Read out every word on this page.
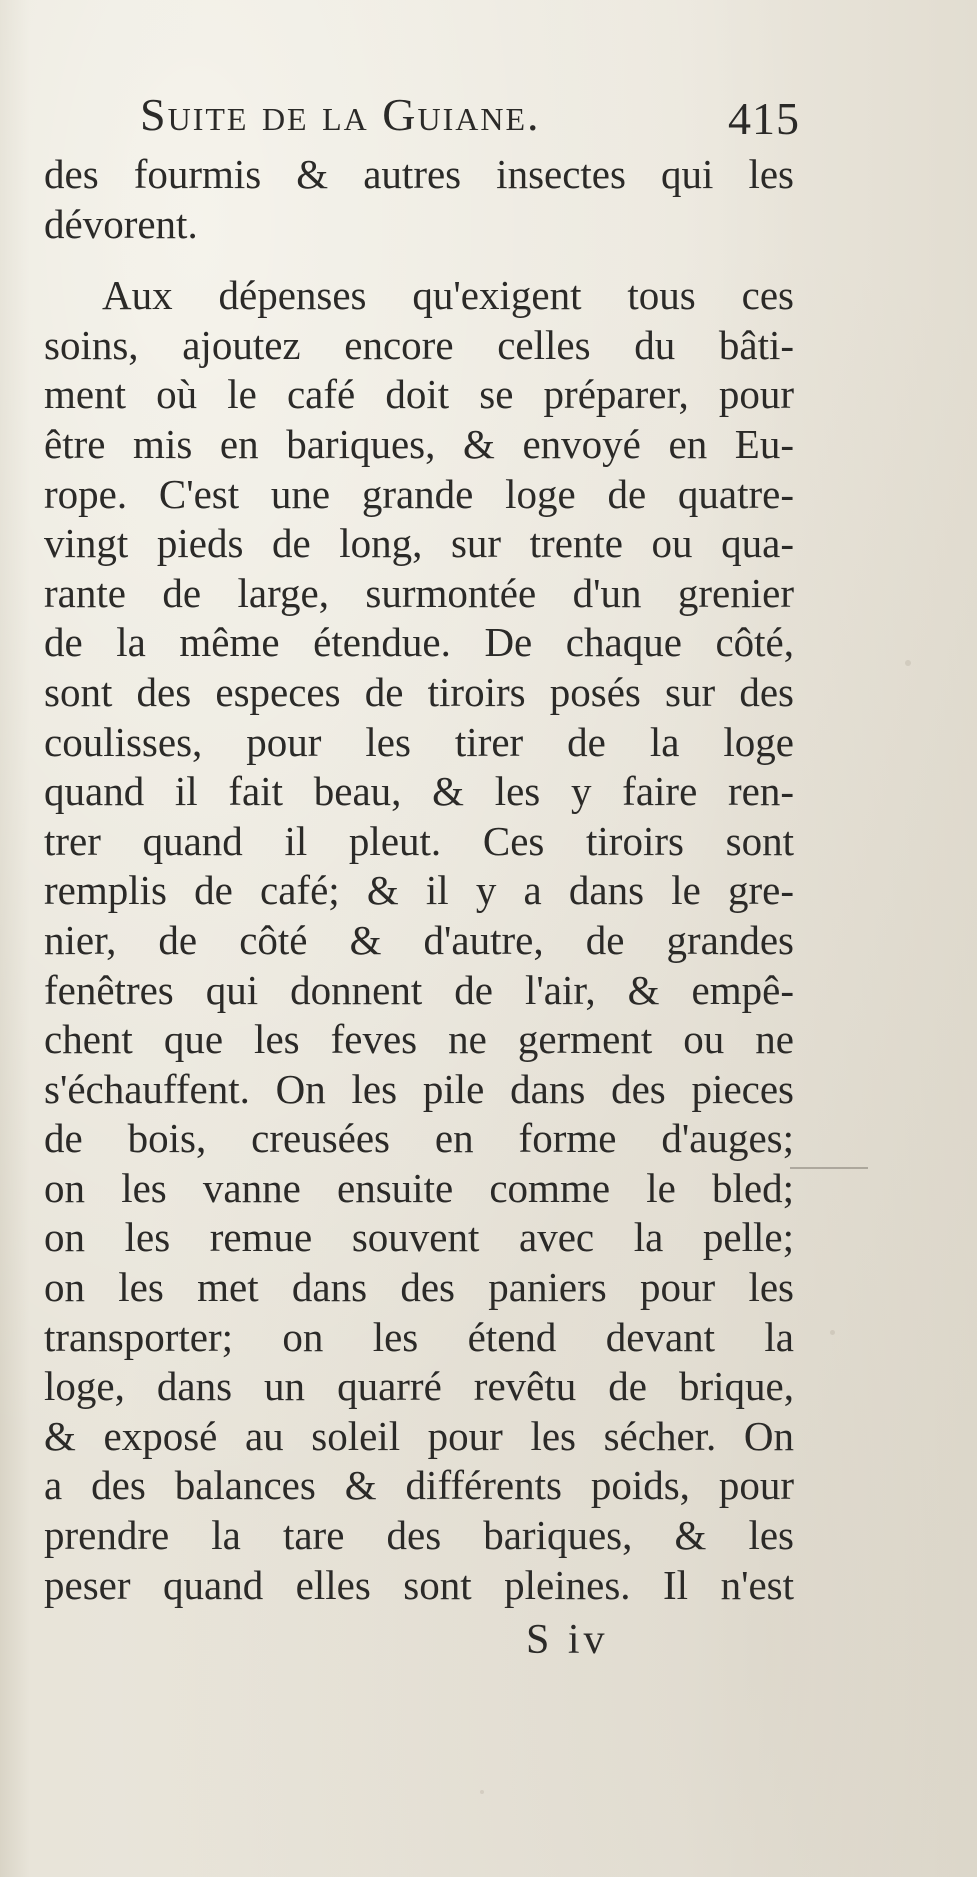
Suite de la Guiane.	415
des fourmis & autres insectes qui les
dévorent.
Aux dépenses qu'exigent tous ces
soins, ajoutez encore celles du bâti-
ment où le café doit se préparer, pour
être mis en bariques, & envoyé en Eu-
rope. C'est une grande loge de quatre-
vingt pieds de long, sur trente ou qua-
rante de large, surmontée d'un grenier
de la même étendue. De chaque côté,
sont des especes de tiroirs posés sur des
coulisses, pour les tirer de la loge
quand il fait beau, & les y faire ren-
trer quand il pleut. Ces tiroirs sont
remplis de café; & il y a dans le gre-
nier, de côté & d'autre, de grandes
fenêtres qui donnent de l'air, & empê-
chent que les feves ne germent ou ne
s'échauffent. On les pile dans des pieces
de bois, creusées en forme d'auges;
on les vanne ensuite comme le bled;
on les remue souvent avec la pelle;
on les met dans des paniers pour les
transporter; on les étend devant la
loge, dans un quarré revêtu de brique,
& exposé au soleil pour les sécher. On
a des balances & différents poids, pour
prendre la tare des bariques, & les
peser quand elles sont pleines. Il n'est
S iv
